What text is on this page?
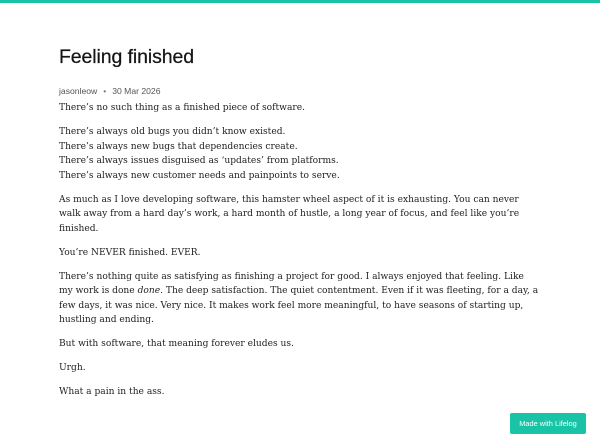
Feeling finished
jasonleow • 30 Mar 2026

There’s no such thing as a finished piece of software.

There’s always old bugs you didn’t know existed.
There’s always new bugs that dependencies create.
There’s always issues disguised as ‘updates’ from platforms.
There’s always new customer needs and painpoints to serve.

As much as I love developing software, this hamster wheel aspect of it is exhausting. You can never walk away from a hard day’s work, a hard month of hustle, a long year of focus, and feel like you’re finished.

You’re NEVER finished. EVER.

There’s nothing quite as satisfying as finishing a project for good. I always enjoyed that feeling. Like my work is done done. The deep satisfaction. The quiet contentment. Even if it was fleeting, for a day, a few days, it was nice. Very nice. It makes work feel more meaningful, to have seasons of starting up, hustling and ending.

But with software, that meaning forever eludes us.

Urgh.

What a pain in the ass.

Made with Lifelog
